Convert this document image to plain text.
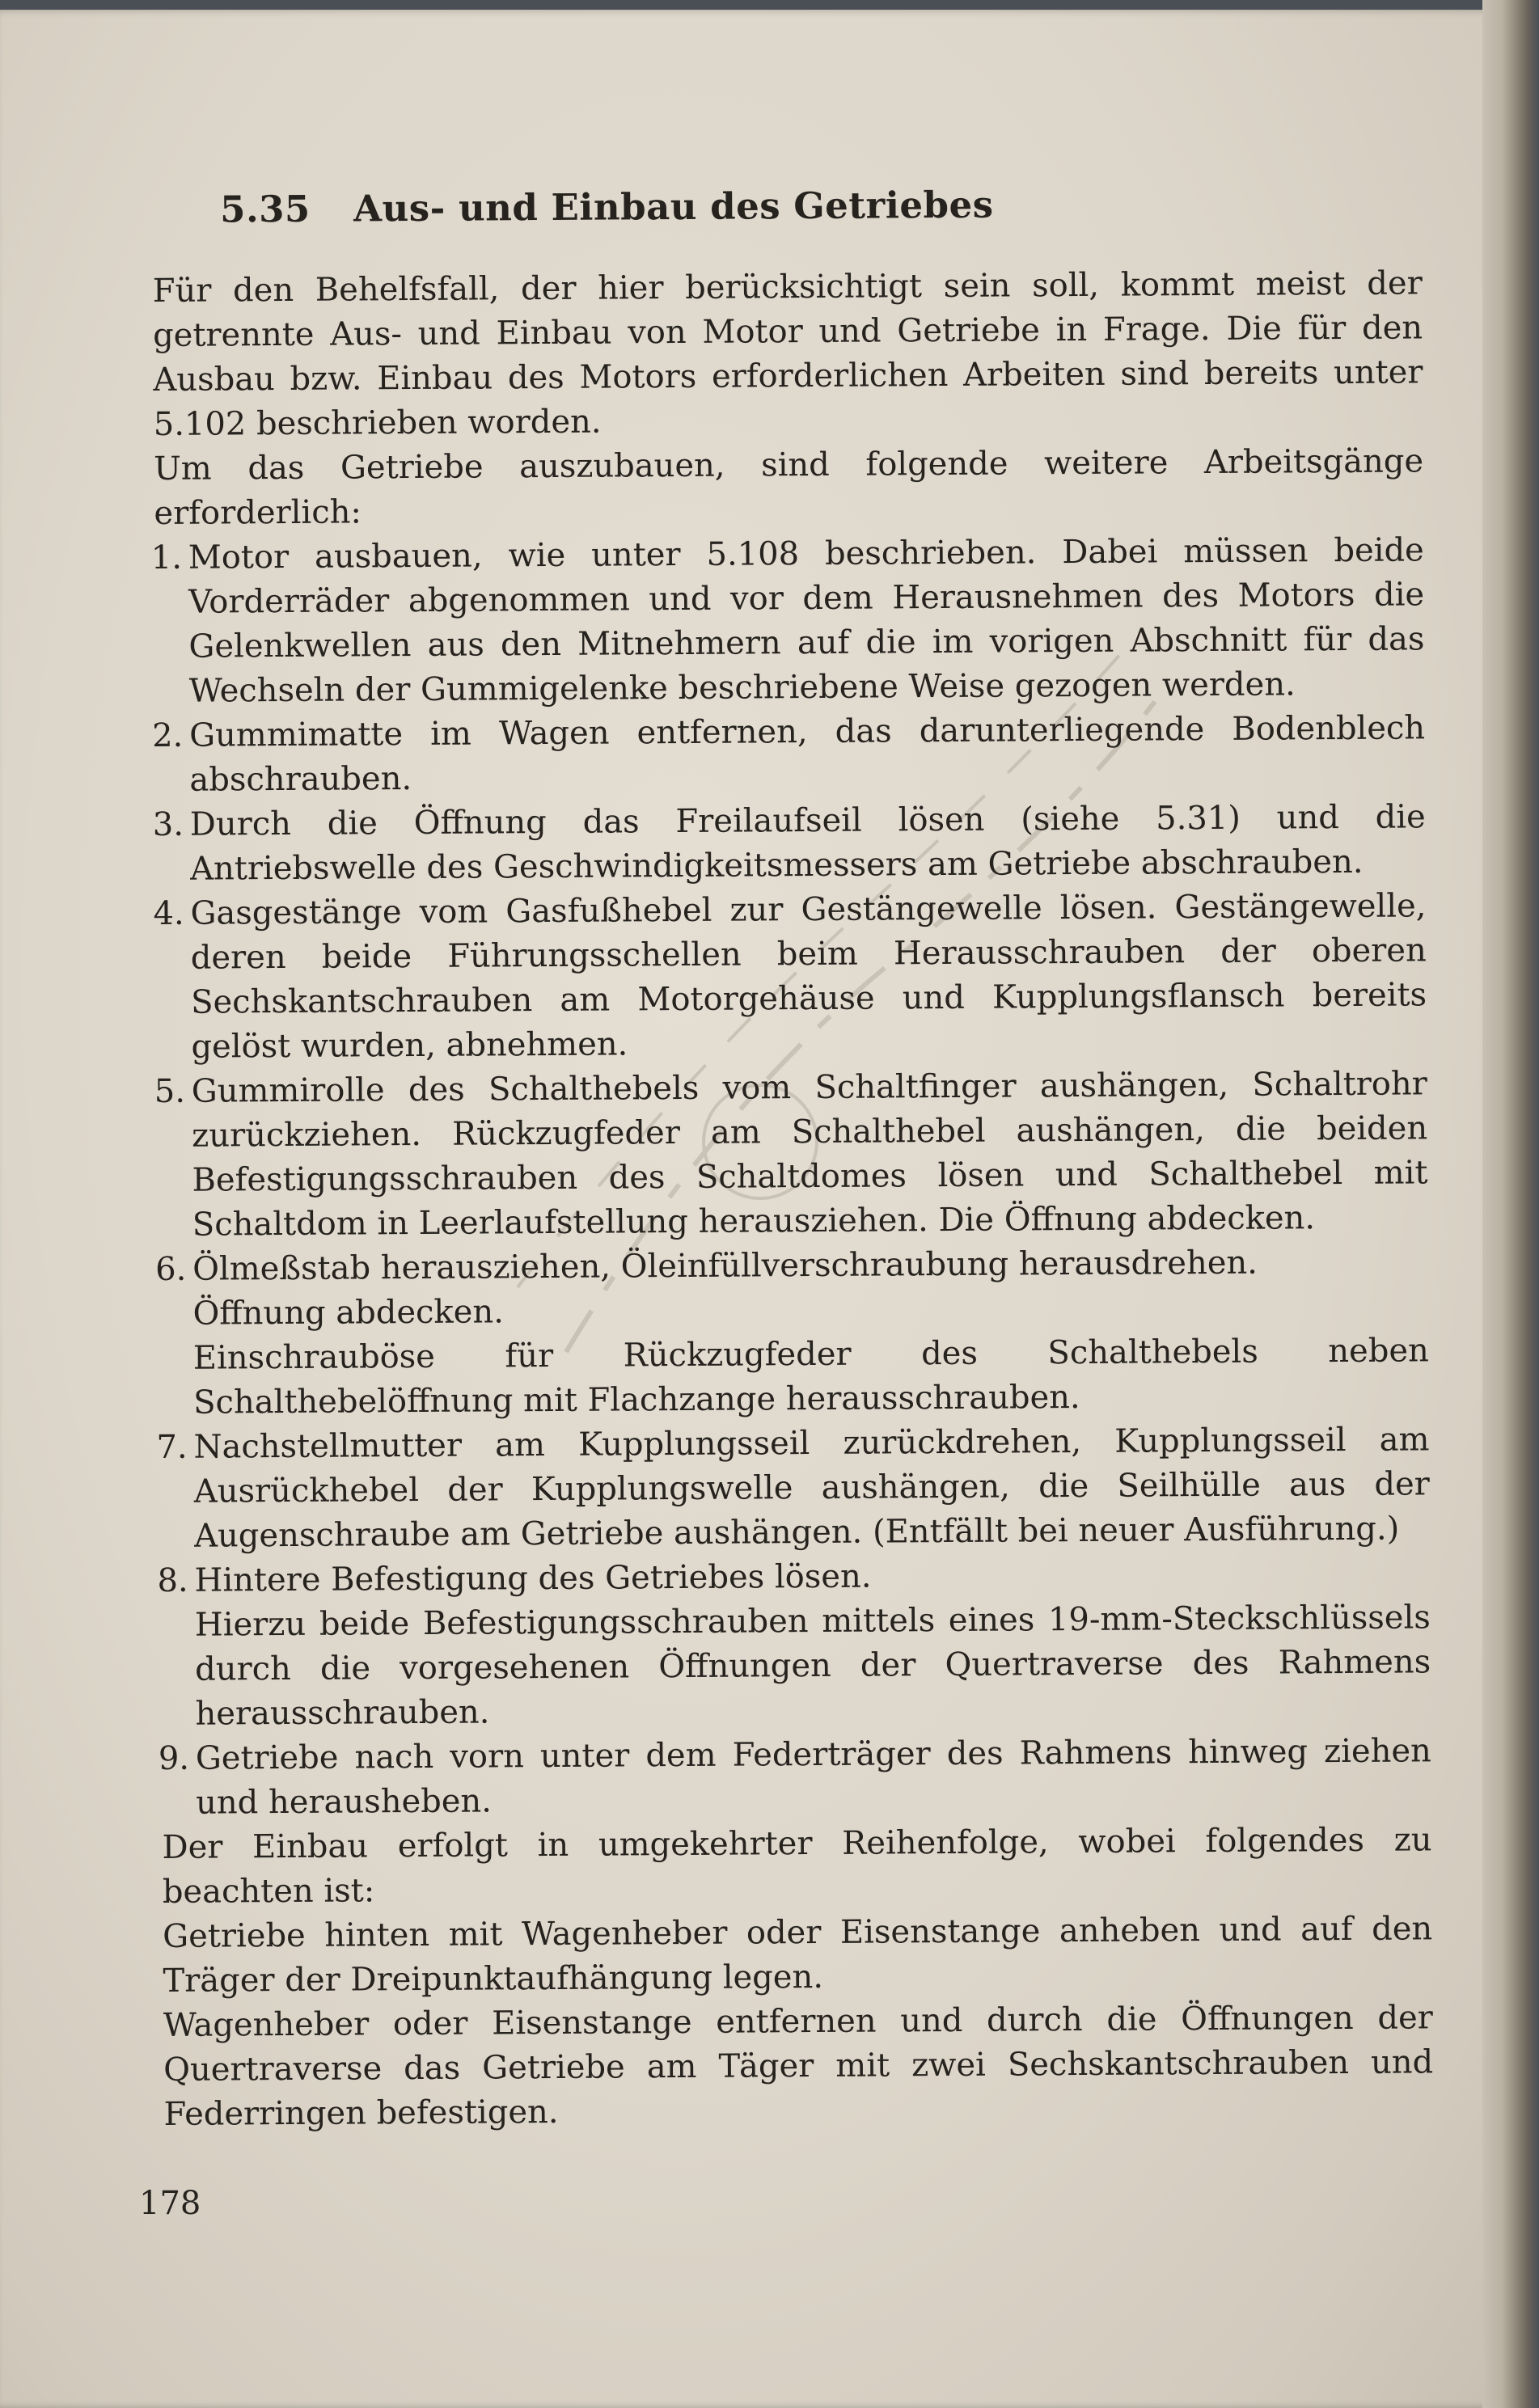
5.35 Aus- und Einbau des Getriebes

Für den Behelfsfall, der hier berücksichtigt sein soll, kommt meist der getrennte Aus- und Einbau von Motor und Getriebe in Frage. Die für den Ausbau bzw. Einbau des Motors erforderlichen Arbeiten sind bereits unter 5.102 beschrieben worden.

Um das Getriebe auszubauen, sind folgende weitere Arbeitsgänge erforderlich:

1. Motor ausbauen, wie unter 5.108 beschrieben. Dabei müssen beide Vorderräder abgenommen und vor dem Herausnehmen des Motors die Gelenkwellen aus den Mitnehmern auf die im vorigen Abschnitt für das Wechseln der Gummigelenke beschriebene Weise gezogen werden.
2. Gummimatte im Wagen entfernen, das darunterliegende Bodenblech abschrauben.
3. Durch die Öffnung das Freilaufseil lösen (siehe 5.31) und die Antriebswelle des Geschwindigkeitsmessers am Getriebe abschrauben.
4. Gasgestänge vom Gasfußhebel zur Gestängewelle lösen. Gestängewelle, deren beide Führungsschellen beim Herausschrauben der oberen Sechskantschrauben am Motorgehäuse und Kupplungsflansch bereits gelöst wurden, abnehmen.
5. Gummirolle des Schalthebels vom Schaltfinger aushängen, Schaltrohr zurückziehen. Rückzugfeder am Schalthebel aushängen, die beiden Befestigungsschrauben des Schaltdomes lösen und Schalthebel mit Schaltdom in Leerlaufstellung herausziehen. Die Öffnung abdecken.
6. Ölmeßstab herausziehen, Öleinfüllverschraubung herausdrehen.
Öffnung abdecken.
Einschrauböse für Rückzugfeder des Schalthebels neben Schalthebelöffnung mit Flachzange herausschrauben.
7. Nachstellmutter am Kupplungsseil zurückdrehen, Kupplungsseil am Ausrückhebel der Kupplungswelle aushängen, die Seilhülle aus der Augenschraube am Getriebe aushängen. (Entfällt bei neuer Ausführung.)
8. Hintere Befestigung des Getriebes lösen.
Hierzu beide Befestigungsschrauben mittels eines 19-mm-Steckschlüssels durch die vorgesehenen Öffnungen der Quertraverse des Rahmens herausschrauben.
9. Getriebe nach vorn unter dem Federträger des Rahmens hinweg ziehen und herausheben.

Der Einbau erfolgt in umgekehrter Reihenfolge, wobei folgendes zu beachten ist:

Getriebe hinten mit Wagenheber oder Eisenstange anheben und auf den Träger der Dreipunktaufhängung legen.

Wagenheber oder Eisenstange entfernen und durch die Öffnungen der Quertraverse das Getriebe am Täger mit zwei Sechskantschrauben und Federringen befestigen.

178
